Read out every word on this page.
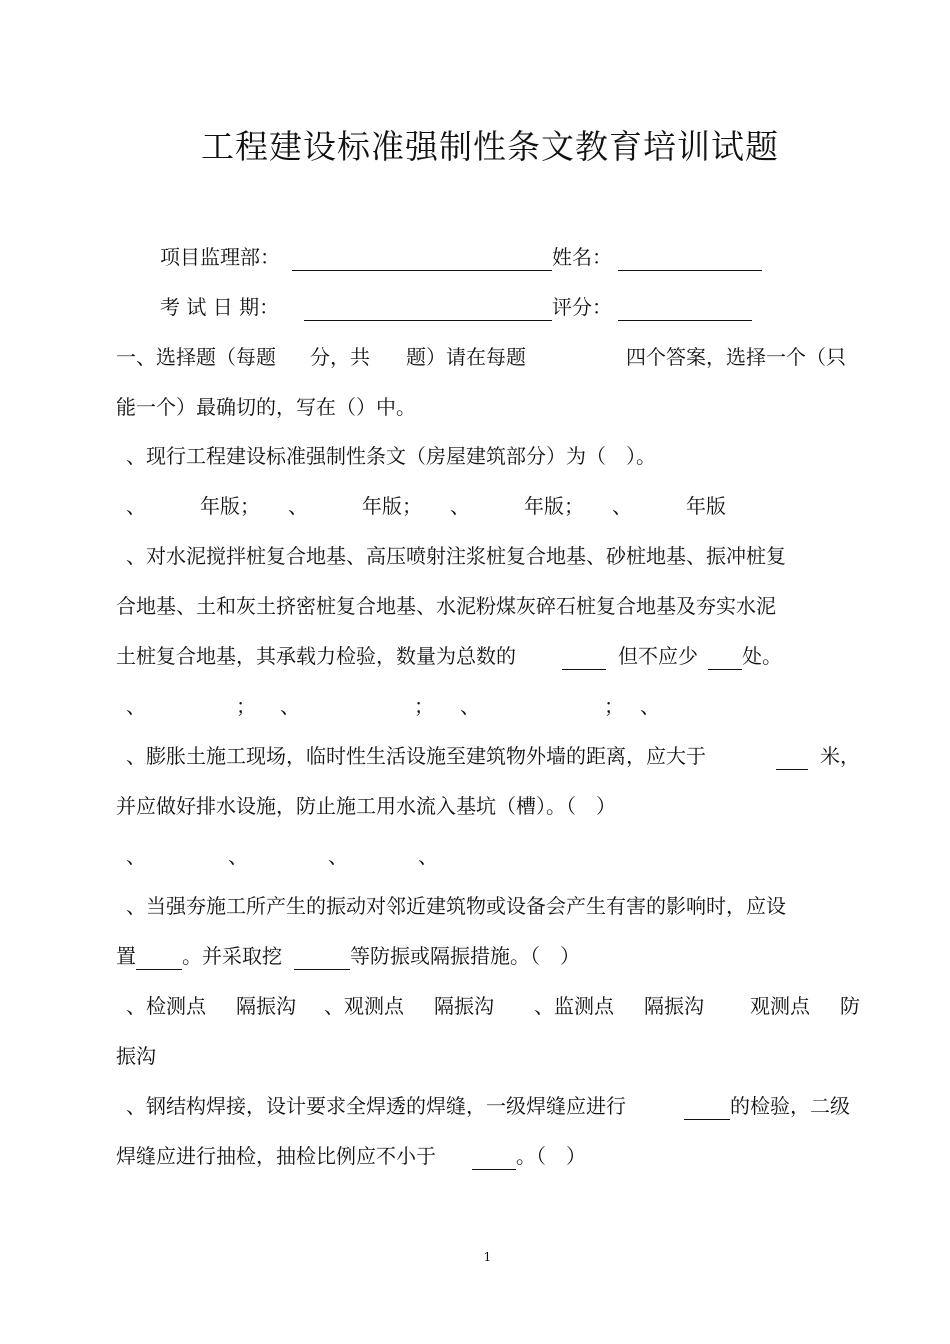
工程建设标准强制性条文教育培训试题
项目监理部：	姓名：
考 试 日 期：	评分：
一、选择题（每题 分，共 题）请在每题	四个答案，选择一个（只
能一个）最确切的，写在（）中。
、现行工程建设标准强制性条文（房屋建筑部分）为（　）。
、	年版； 、	年版； 、	年版； 、	年版
、对水泥搅拌桩复合地基、高压喷射注浆桩复合地基、砂桩地基、振冲桩复
合地基、土和灰土挤密桩复合地基、水泥粉煤灰碎石桩复合地基及夯实水泥
土桩复合地基，其承载力检验，数量为总数的	但不应少 处。
、	； 、	； 、	； 、
、膨胀土施工现场，临时性生活设施至建筑物外墙的距离，应大于	米，
并应做好排水设施，防止施工用水流入基坑（槽）。（　）
、	、	、	、
、当强夯施工所产生的振动对邻近建筑物或设备会产生有害的影响时，应设
置 。并采取挖	等防振或隔振措施。（　）
、检测点 隔振沟 、观测点 隔振沟 、监测点 隔振沟 观测点 防
振沟
、钢结构焊接，设计要求全焊透的焊缝，一级焊缝应进行	的检验，二级
焊缝应进行抽检，抽检比例应不小于	。（　）
1
